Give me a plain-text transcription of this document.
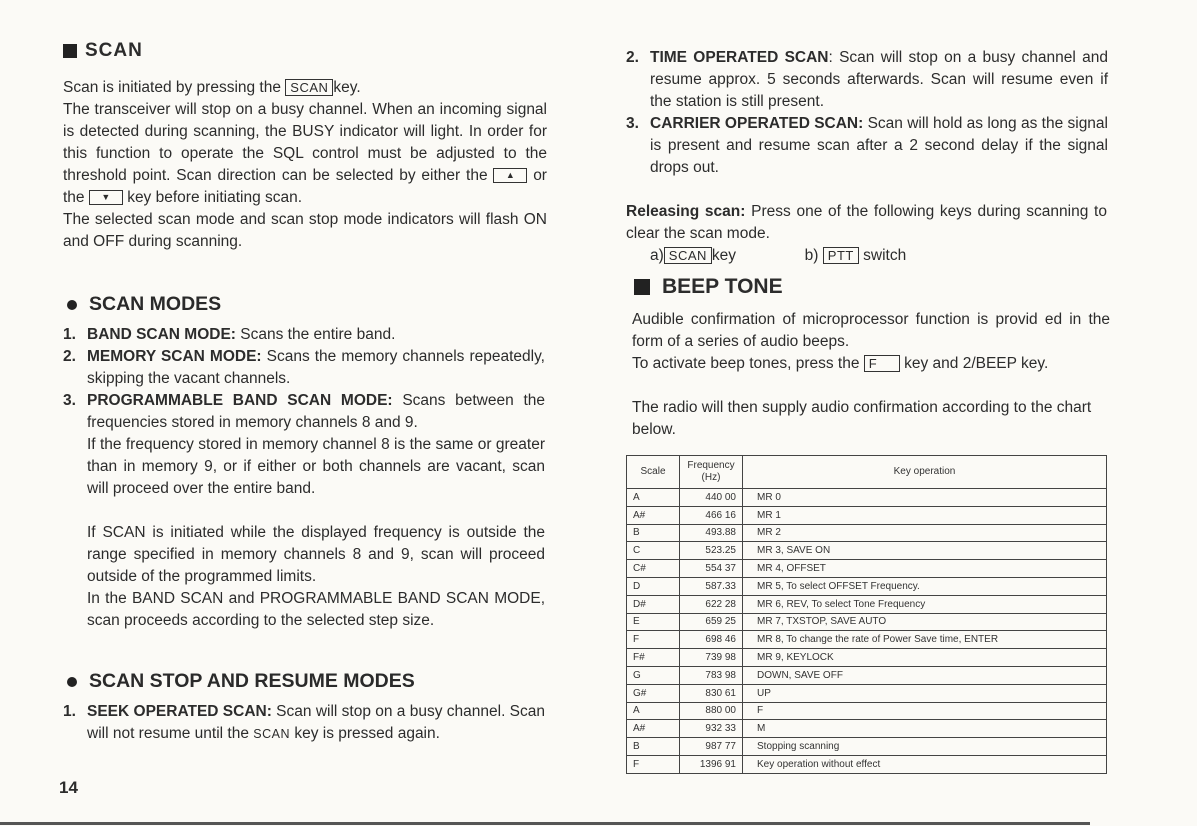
SCAN
Scan is initiated by pressing the SCAN key.
The transceiver will stop on a busy channel. When an incoming signal is detected during scanning, the BUSY indicator will light. In order for this function to operate the SQL control must be adjusted to the threshold point. Scan direction can be selected by either the ▲ or the ▼ key before initiating scan.
The selected scan mode and scan stop mode indicators will flash ON and OFF during scanning.
SCAN MODES
1. BAND SCAN MODE: Scans the entire band.
2. MEMORY SCAN MODE: Scans the memory channels repeatedly, skipping the vacant channels.
3. PROGRAMMABLE BAND SCAN MODE: Scans between the frequencies stored in memory channels 8 and 9.
If the frequency stored in memory channel 8 is the same or greater than in memory 9, or if either or both channels are vacant, scan will proceed over the entire band.
If SCAN is initiated while the displayed frequency is outside the range specified in memory channels 8 and 9, scan will proceed outside of the programmed limits.
In the BAND SCAN and PROGRAMMABLE BAND SCAN MODE, scan proceeds according to the selected step size.
SCAN STOP AND RESUME MODES
1. SEEK OPERATED SCAN: Scan will stop on a busy channel. Scan will not resume until the SCAN key is pressed again.
14
2. TIME OPERATED SCAN: Scan will stop on a busy channel and resume approx. 5 seconds afterwards. Scan will resume even if the station is still present.
3. CARRIER OPERATED SCAN: Scan will hold as long as the signal is present and resume scan after a 2 second delay if the signal drops out.
Releasing scan: Press one of the following keys during scanning to clear the scan mode.
a) SCAN key	b) PTT switch
BEEP TONE
Audible confirmation of microprocessor function is provid ed in the form of a series of audio beeps.
To activate beep tones, press the F key and 2/BEEP key.
The radio will then supply audio confirmation according to the chart below.
Scale	Frequency (Hz)	Key operation
A	440 00	MR 0
A#	466 16	MR 1
B	493.88	MR 2
C	523.25	MR 3, SAVE ON
C#	554 37	MR 4, OFFSET
D	587.33	MR 5, To select OFFSET Frequency.
D#	622 28	MR 6, REV, To select Tone Frequency
E	659 25	MR 7, TXSTOP, SAVE AUTO
F	698 46	MR 8, To change the rate of Power Save time, ENTER
F#	739 98	MR 9, KEYLOCK
G	783 98	DOWN, SAVE OFF
G#	830 61	UP
A	880 00	F
A#	932 33	M
B	987 77	Stopping scanning
F	1396 91	Key operation without effect
